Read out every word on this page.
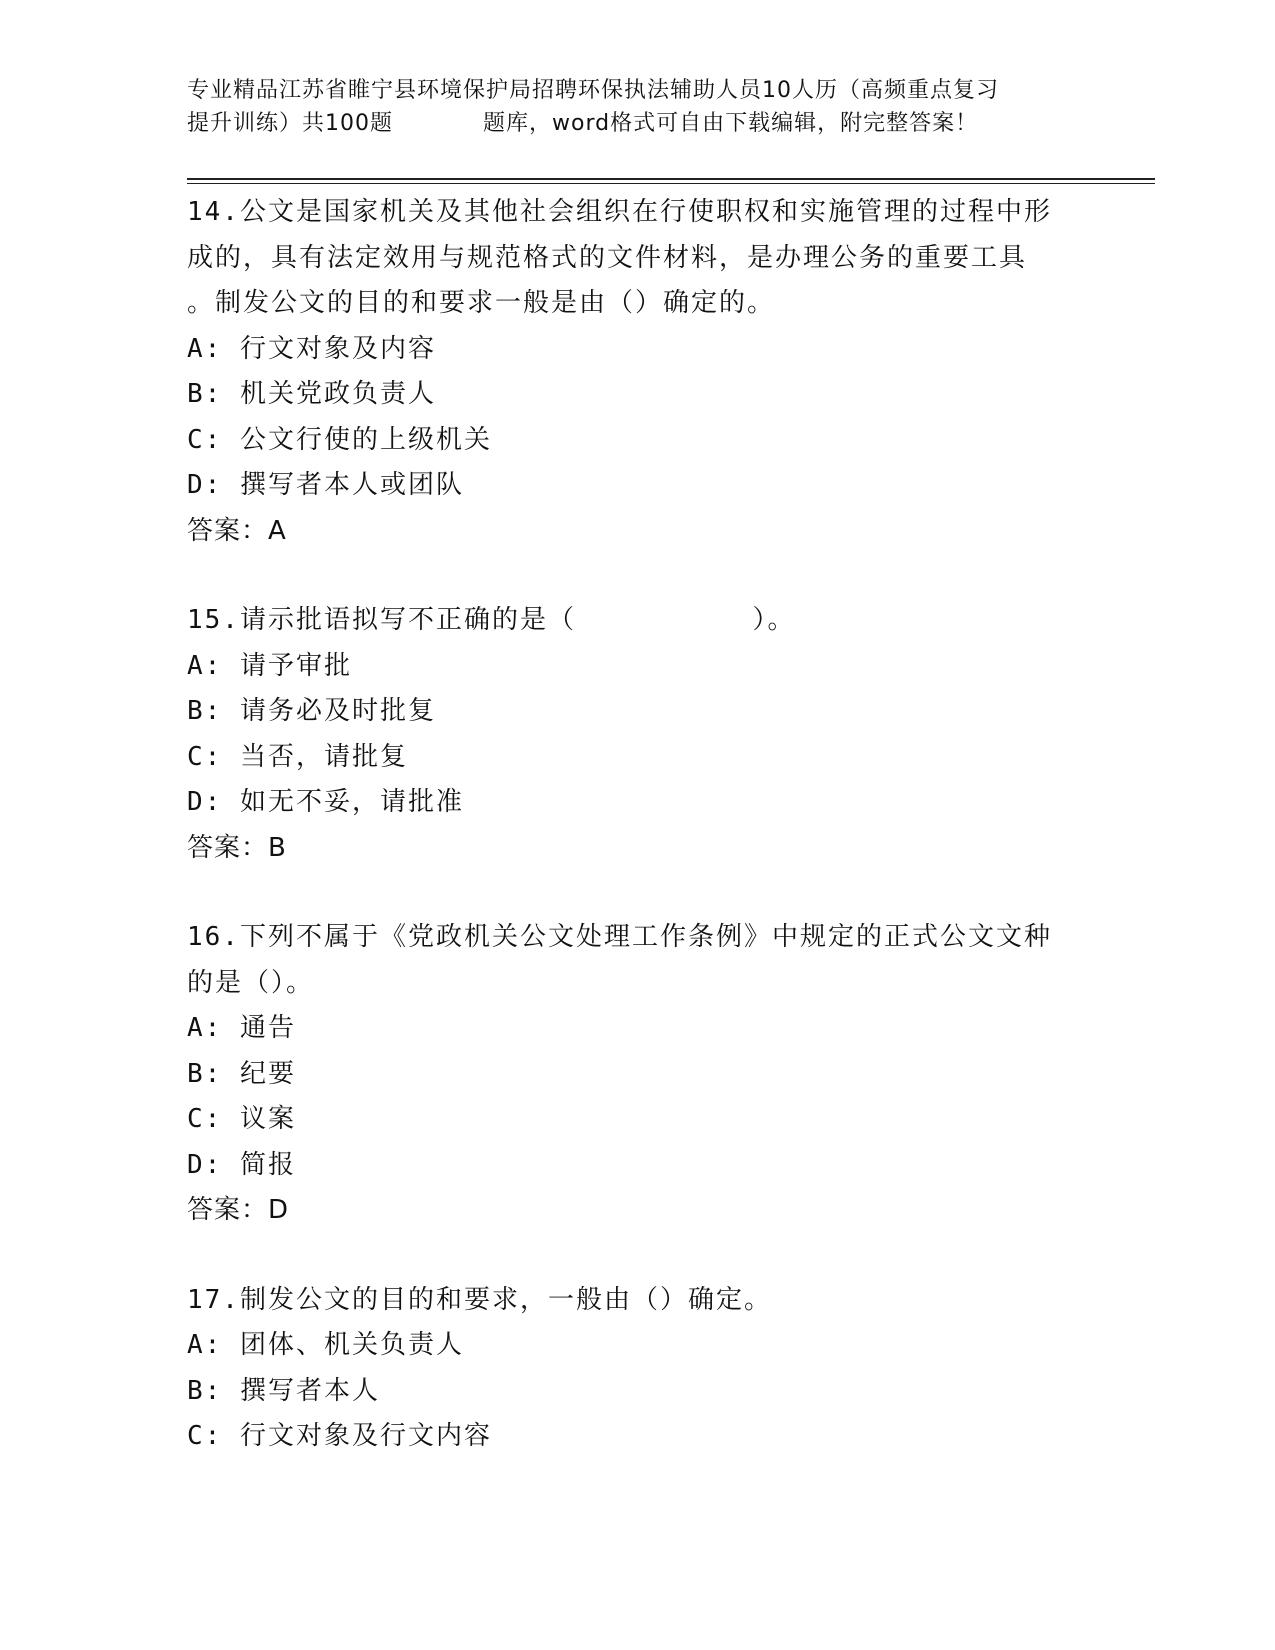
专业精品江苏省睢宁县环境保护局招聘环保执法辅助人员10人历（高频重点复习
提升训练）共100题	题库，word格式可自由下载编辑，附完整答案！
14.公文是国家机关及其他社会组织在行使职权和实施管理的过程中形
成的，具有法定效用与规范格式的文件材料，是办理公务的重要工具
。制发公文的目的和要求一般是由（）确定的。
A: 行文对象及内容
B: 机关党政负责人
C: 公文行使的上级机关
D: 撰写者本人或团队
答案：A
15.请示批语拟写不正确的是（          ）。
A: 请予审批
B: 请务必及时批复
C: 当否，请批复
D: 如无不妥，请批准
答案：B
16.下列不属于《党政机关公文处理工作条例》中规定的正式公文文种
的是（）。
A: 通告
B: 纪要
C: 议案
D: 简报
答案：D
17.制发公文的目的和要求，一般由（）确定。
A: 团体、机关负责人
B: 撰写者本人
C: 行文对象及行文内容
